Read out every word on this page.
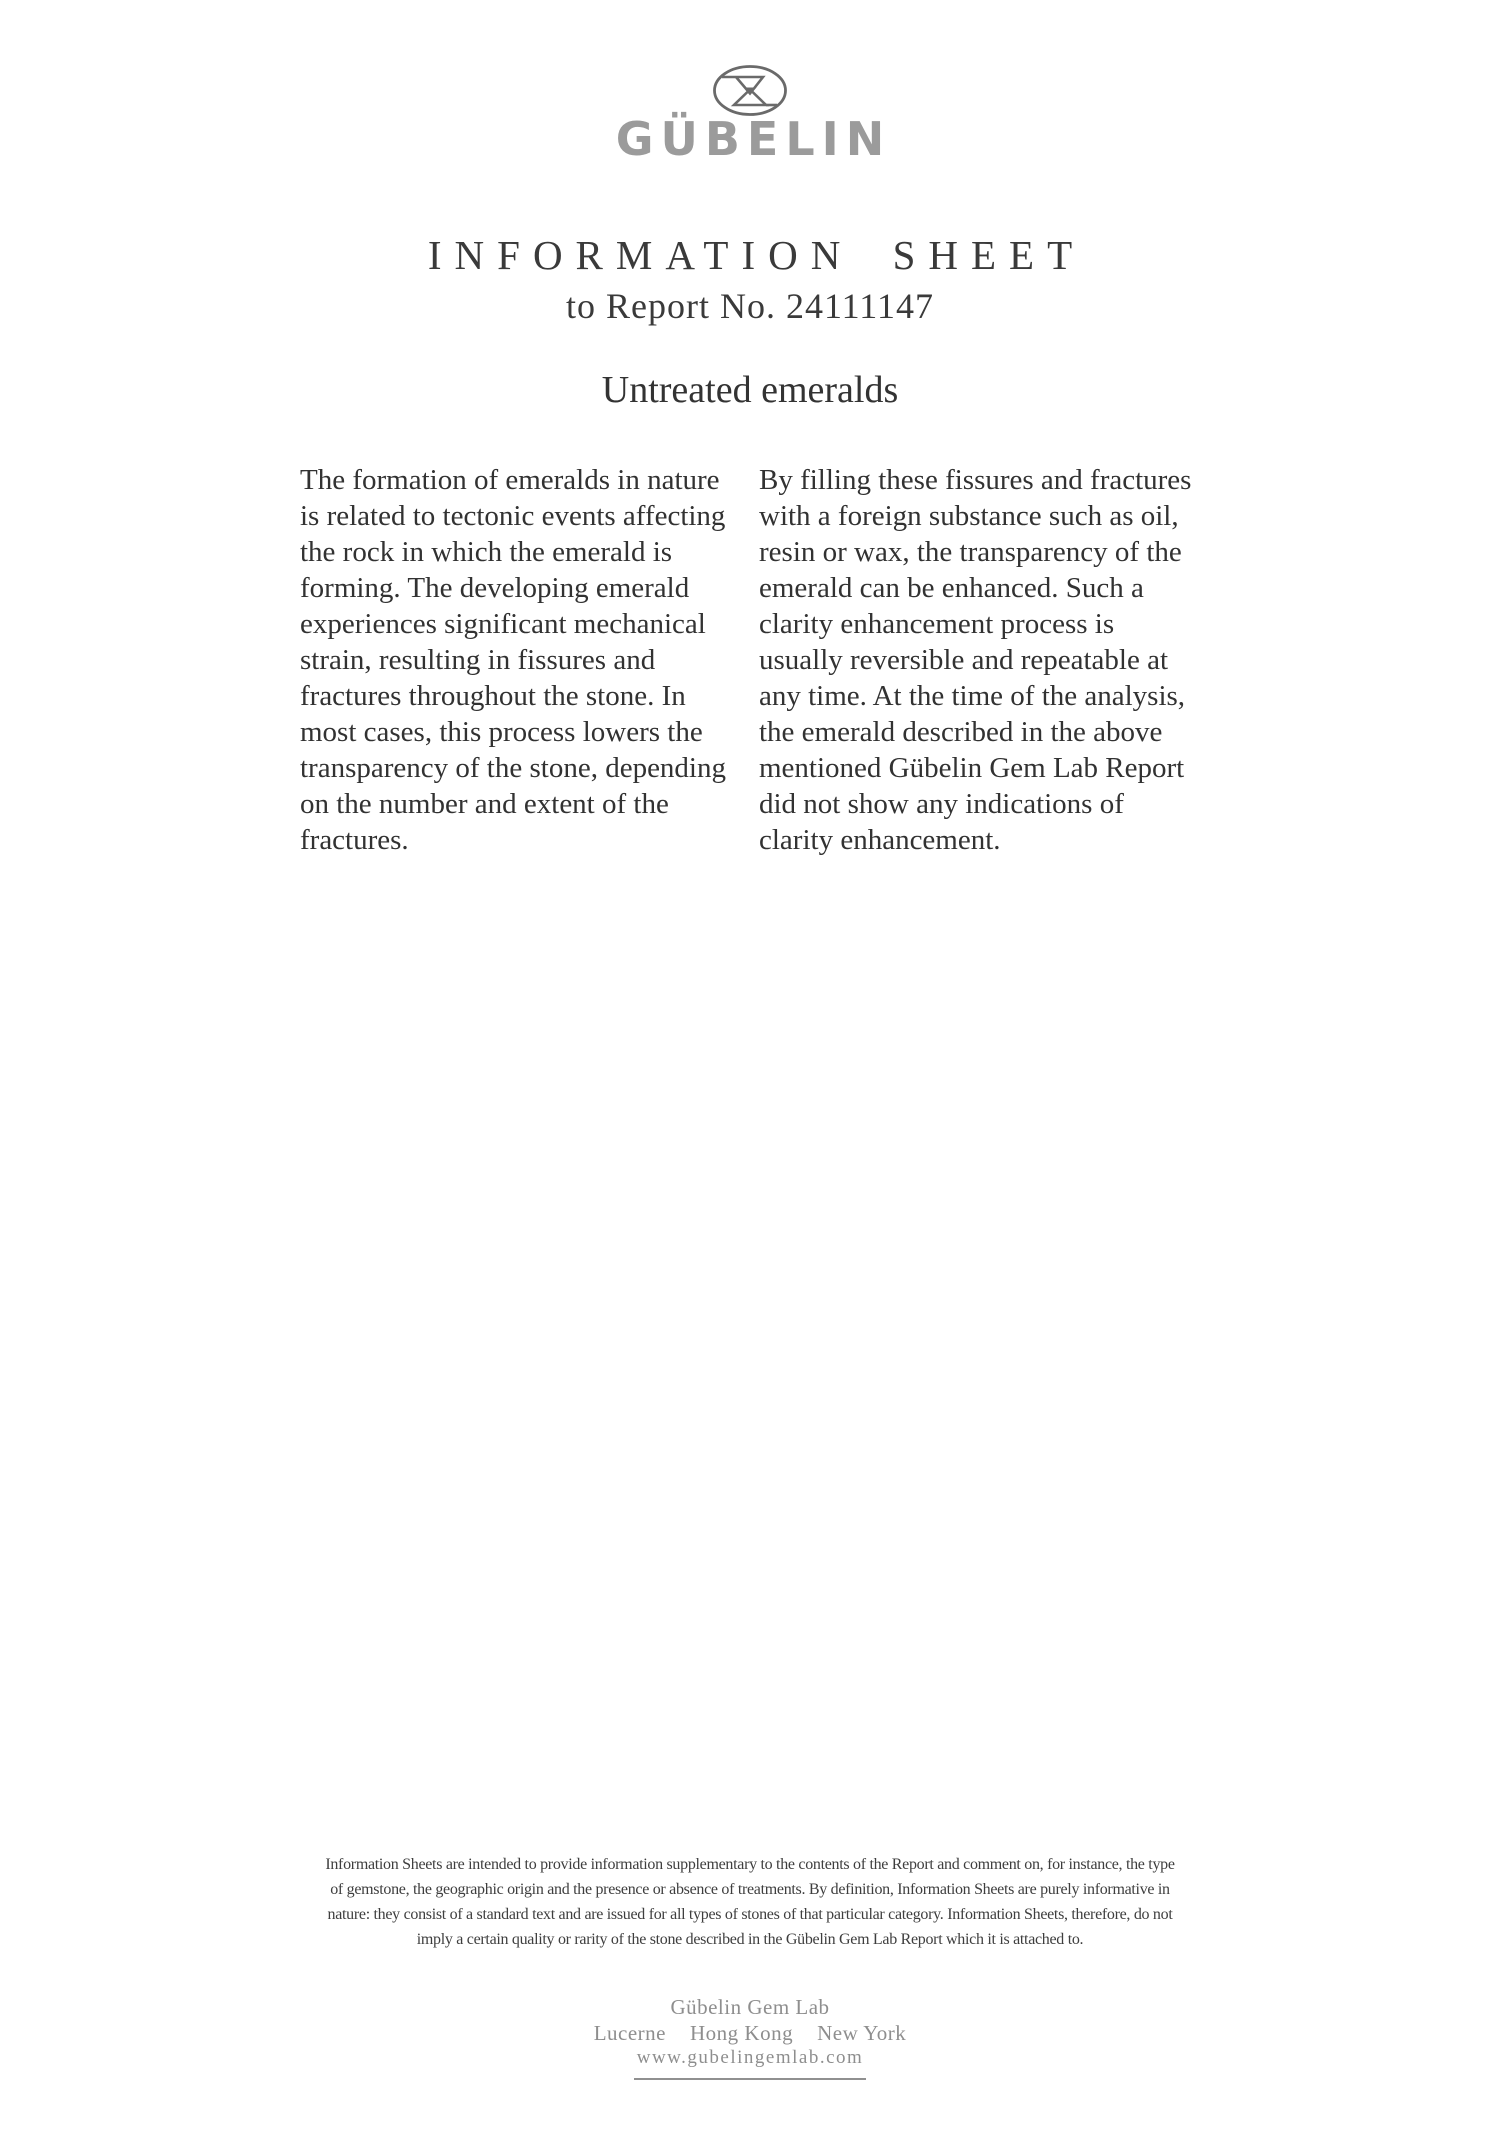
GÜBELIN
INFORMATION SHEET
to Report No. 24111147
Untreated emeralds
The formation of emeralds in nature
is related to tectonic events affecting
the rock in which the emerald is
forming. The developing emerald
experiences significant mechanical
strain, resulting in fissures and
fractures throughout the stone. In
most cases, this process lowers the
transparency of the stone, depending
on the number and extent of the
fractures.
By filling these fissures and fractures
with a foreign substance such as oil,
resin or wax, the transparency of the
emerald can be enhanced. Such a
clarity enhancement process is
usually reversible and repeatable at
any time. At the time of the analysis,
the emerald described in the above
mentioned Gübelin Gem Lab Report
did not show any indications of
clarity enhancement.
Information Sheets are intended to provide information supplementary to the contents of the Report and comment on, for instance, the type
of gemstone, the geographic origin and the presence or absence of treatments. By definition, Information Sheets are purely informative in
nature: they consist of a standard text and are issued for all types of stones of that particular category. Information Sheets, therefore, do not
imply a certain quality or rarity of the stone described in the Gübelin Gem Lab Report which it is attached to.
Gübelin Gem Lab
Lucerne Hong Kong New York
www.gubelingemlab.com
